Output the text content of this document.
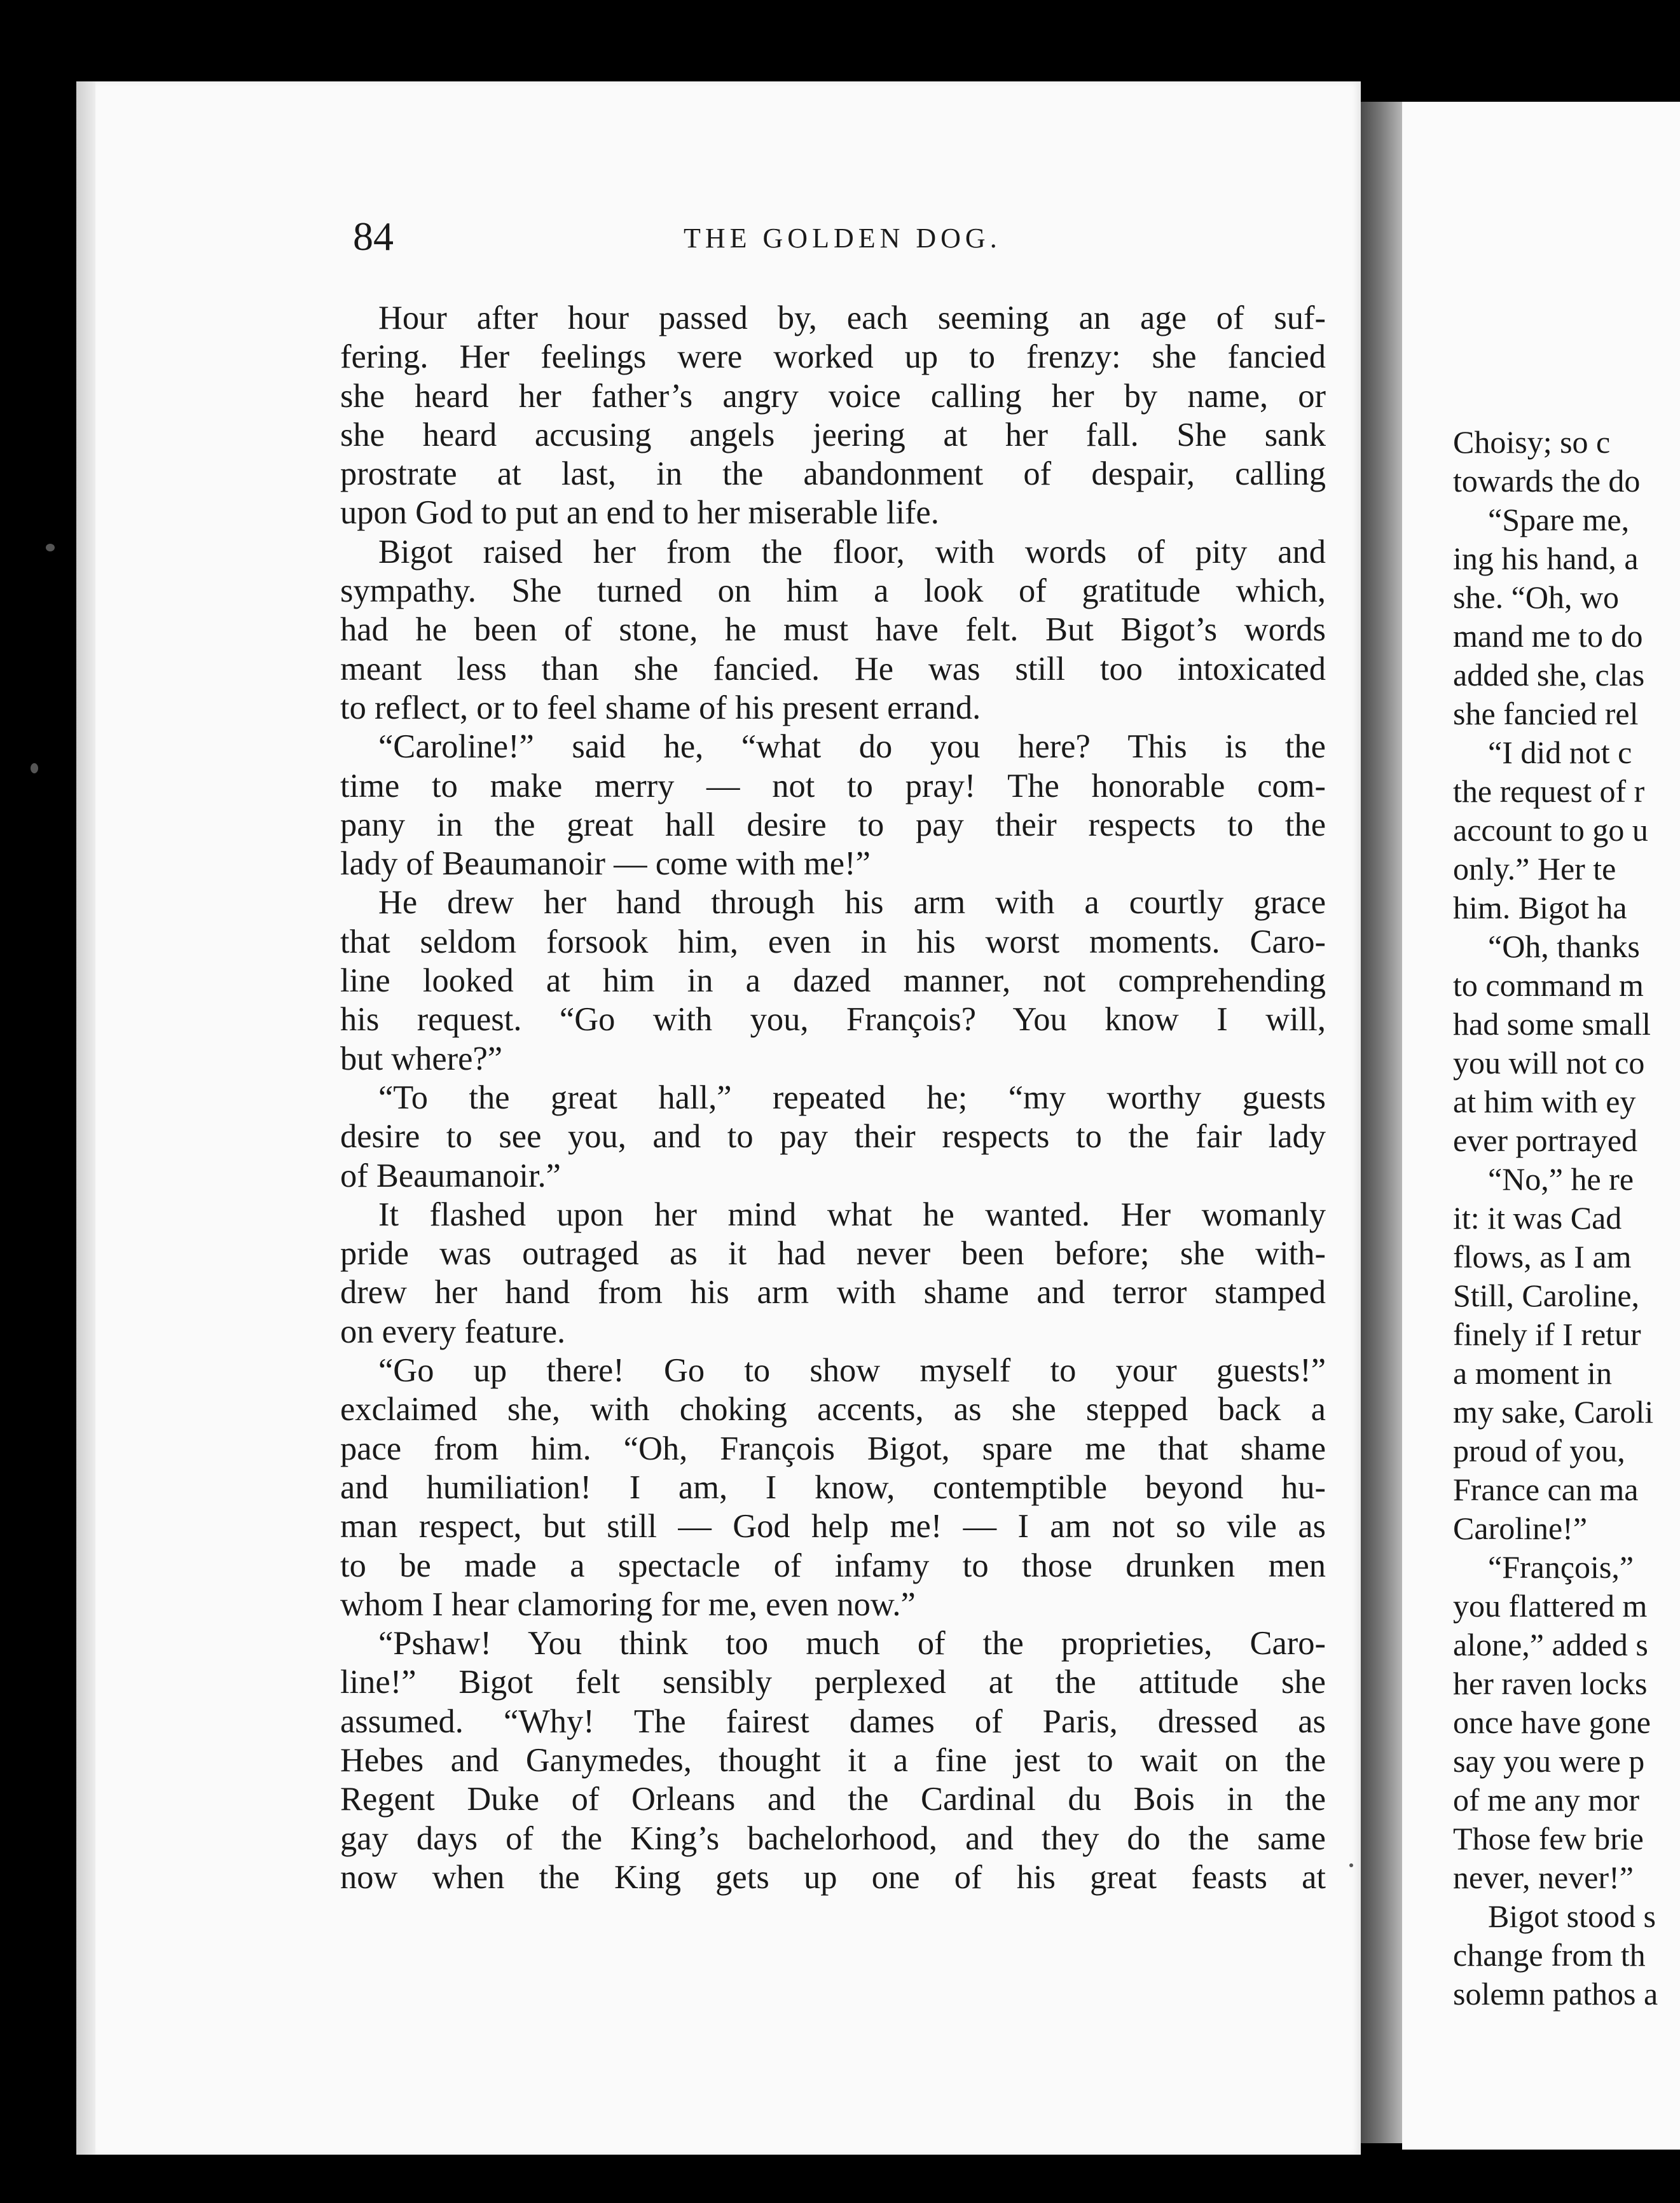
Choisy; so c
towards the do
“Spare me,
ing his hand, a
she. “Oh, wo
mand me to do
added she, clas
she fancied rel
“I did not c
the request of r
account to go u
only.” Her te
him. Bigot ha
“Oh, thanks
to command m
had some small
you will not co
at him with ey
ever portrayed
“No,” he re
it: it was Cad
flows, as I am
Still, Caroline,
finely if I retur
a moment in
my sake, Caroli
proud of you,
France can ma
Caroline!”
“François,”
you flattered m
alone,” added s
her raven locks
once have gone
say you were p
of me any mor
Those few brie
never, never!”
Bigot stood s
change from th
solemn pathos a
84	THE GOLDEN DOG.
Hour after hour passed by, each seeming an age of suf-
fering. Her feelings were worked up to frenzy: she fancied
she heard her father’s angry voice calling her by name, or
she heard accusing angels jeering at her fall. She sank
prostrate at last, in the abandonment of despair, calling
upon God to put an end to her miserable life.
Bigot raised her from the floor, with words of pity and
sympathy. She turned on him a look of gratitude which,
had he been of stone, he must have felt. But Bigot’s words
meant less than she fancied. He was still too intoxicated
to reflect, or to feel shame of his present errand.
“Caroline!” said he, “what do you here? This is the
time to make merry — not to pray! The honorable com-
pany in the great hall desire to pay their respects to the
lady of Beaumanoir — come with me!”
He drew her hand through his arm with a courtly grace
that seldom forsook him, even in his worst moments. Caro-
line looked at him in a dazed manner, not comprehending
his request. “Go with you, François? You know I will,
but where?”
“To the great hall,” repeated he; “my worthy guests
desire to see you, and to pay their respects to the fair lady
of Beaumanoir.”
It flashed upon her mind what he wanted. Her womanly
pride was outraged as it had never been before; she with-
drew her hand from his arm with shame and terror stamped
on every feature.
“Go up there! Go to show myself to your guests!”
exclaimed she, with choking accents, as she stepped back a
pace from him. “Oh, François Bigot, spare me that shame
and humiliation! I am, I know, contemptible beyond hu-
man respect, but still — God help me! — I am not so vile as
to be made a spectacle of infamy to those drunken men
whom I hear clamoring for me, even now.”
“Pshaw! You think too much of the proprieties, Caro-
line!” Bigot felt sensibly perplexed at the attitude she
assumed. “Why! The fairest dames of Paris, dressed as
Hebes and Ganymedes, thought it a fine jest to wait on the
Regent Duke of Orleans and the Cardinal du Bois in the
gay days of the King’s bachelorhood, and they do the same
now when the King gets up one of his great feasts at
